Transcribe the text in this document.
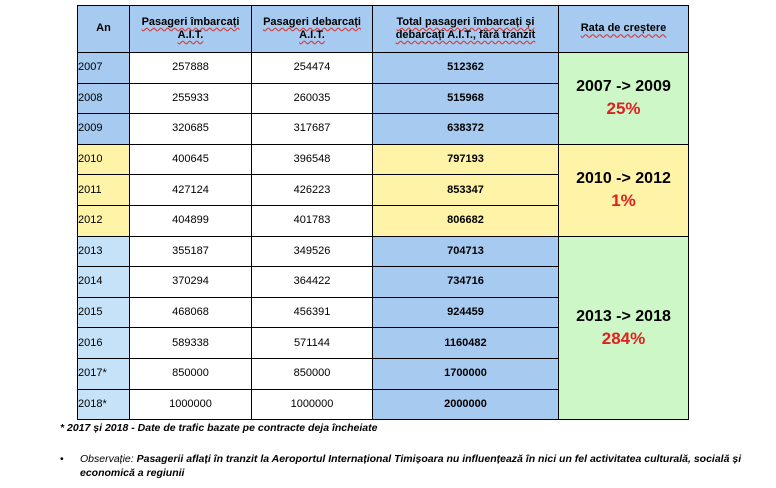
An	Pasageri îmbarcați A.I.T.	Pasageri debarcați A.I.T.	Total pasageri îmbarcați și debarcați A.I.T., fără tranzit	Rata de creștere
2007	257888	254474	512362	2007 -> 2009
25%

2008	255933	260035	515968	
2009	320685	317687	638372	
2010	400645	396548	797193	2010 -> 2012
1%

2011	427124	426223	853347	
2012	404899	401783	806682	
2013	355187	349526	704713	2013 -> 2018
284%

2014	370294	364422	734716	
2015	468068	456391	924459	
2016	589338	571144	1160482	
2017*	850000	850000	1700000	
2018*	1000000	1000000	2000000	
* 2017 și 2018 - Date de trafic bazate pe contracte deja încheiate
• Observație: Pasagerii aflați în tranzit la Aeroportul Internațional Timișoara nu influențează în nici un fel activitatea culturală, socială și economică a regiunii
